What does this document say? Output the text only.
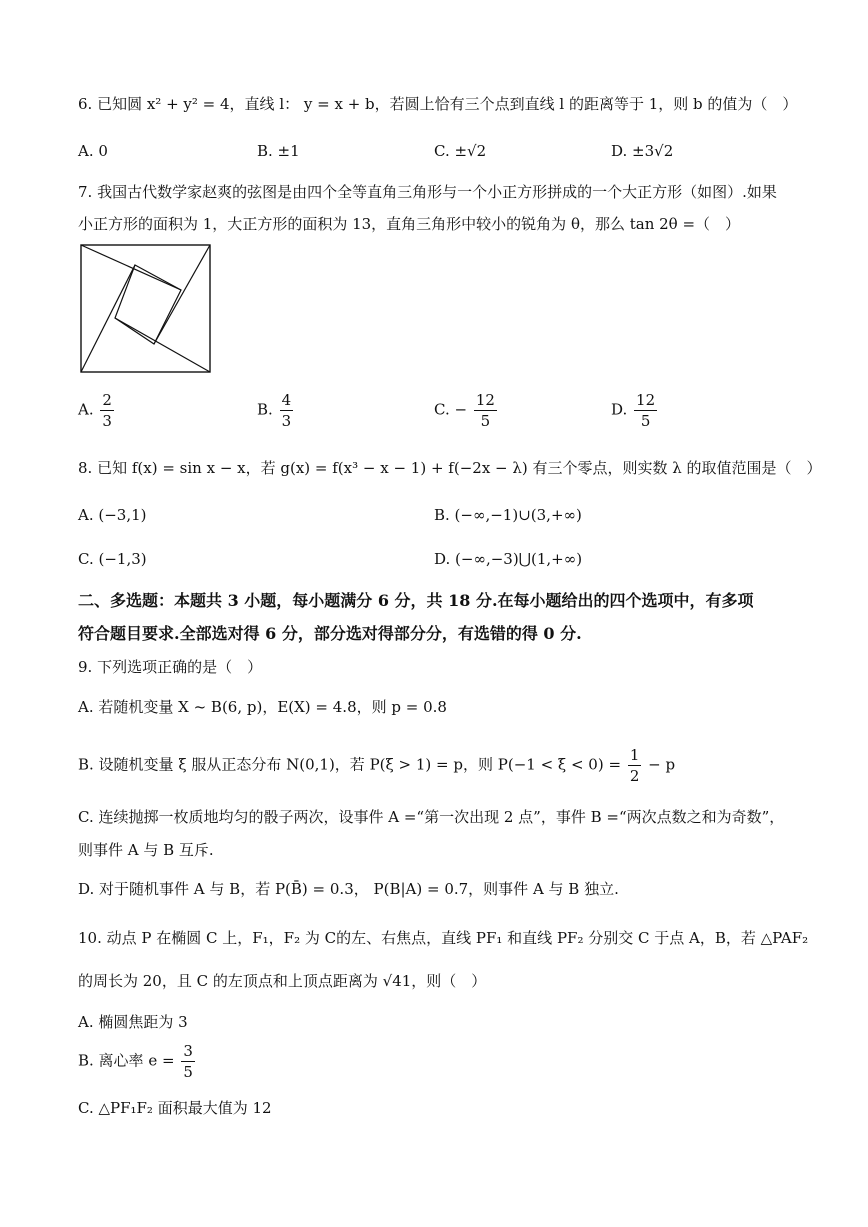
6. 已知圆 x² + y² = 4，直线 l： y = x + b，若圆上恰有三个点到直线 l 的距离等于 1，则 b 的值为（　）
A. 0	B. ±1	C. ±√2	D. ±3√2
7. 我国古代数学家赵爽的弦图是由四个全等直角三角形与一个小正方形拼成的一个大正方形（如图）.如果
小正方形的面积为 1，大正方形的面积为 13，直角三角形中较小的锐角为 θ，那么 tan 2θ =（　）
A. $\frac{2}{3}$	B. $\frac{4}{3}$	C. − $\frac{12}{5}$	D. $\frac{12}{5}$
8. 已知 f(x) = sin x − x，若 g(x) = f(x³ − x − 1) + f(−2x − λ) 有三个零点，则实数 λ 的取值范围是（　）
A. (−3,1)	B. (−∞,−1)∪(3,+∞)
C. (−1,3)	D. (−∞,−3)⋃(1,+∞)
二、多选题：本题共 3 小题，每小题满分 6 分，共 18 分.在每小题给出的四个选项中，有多项
符合题目要求.全部选对得 6 分，部分选对得部分分，有选错的得 0 分.
9. 下列选项正确的是（　）
A. 若随机变量 X ~ B(6, p)，E(X) = 4.8，则 p = 0.8
B. 设随机变量 ξ 服从正态分布 N(0,1)，若 P(ξ > 1) = p，则 $P(-1 < \xi < 0) = \frac{1}{2} - p$
C. 连续抛掷一枚质地均匀的骰子两次，设事件 A =“第一次出现 2 点”，事件 B =“两次点数之和为奇数”，
则事件 A 与 B 互斥.
D. 对于随机事件 A 与 B，若 P(B̄) = 0.3， P(B|A) = 0.7，则事件 A 与 B 独立.
10. 动点 P 在椭圆 C 上，F₁，F₂ 为 C的左、右焦点，直线 PF₁ 和直线 PF₂ 分别交 C 于点 A，B，若 △PAF₂
的周长为 20，且 C 的左顶点和上顶点距离为 √41，则（　）
A. 椭圆焦距为 3
B. 离心率 $e = \frac{3}{5}$
C. △PF₁F₂ 面积最大值为 12
